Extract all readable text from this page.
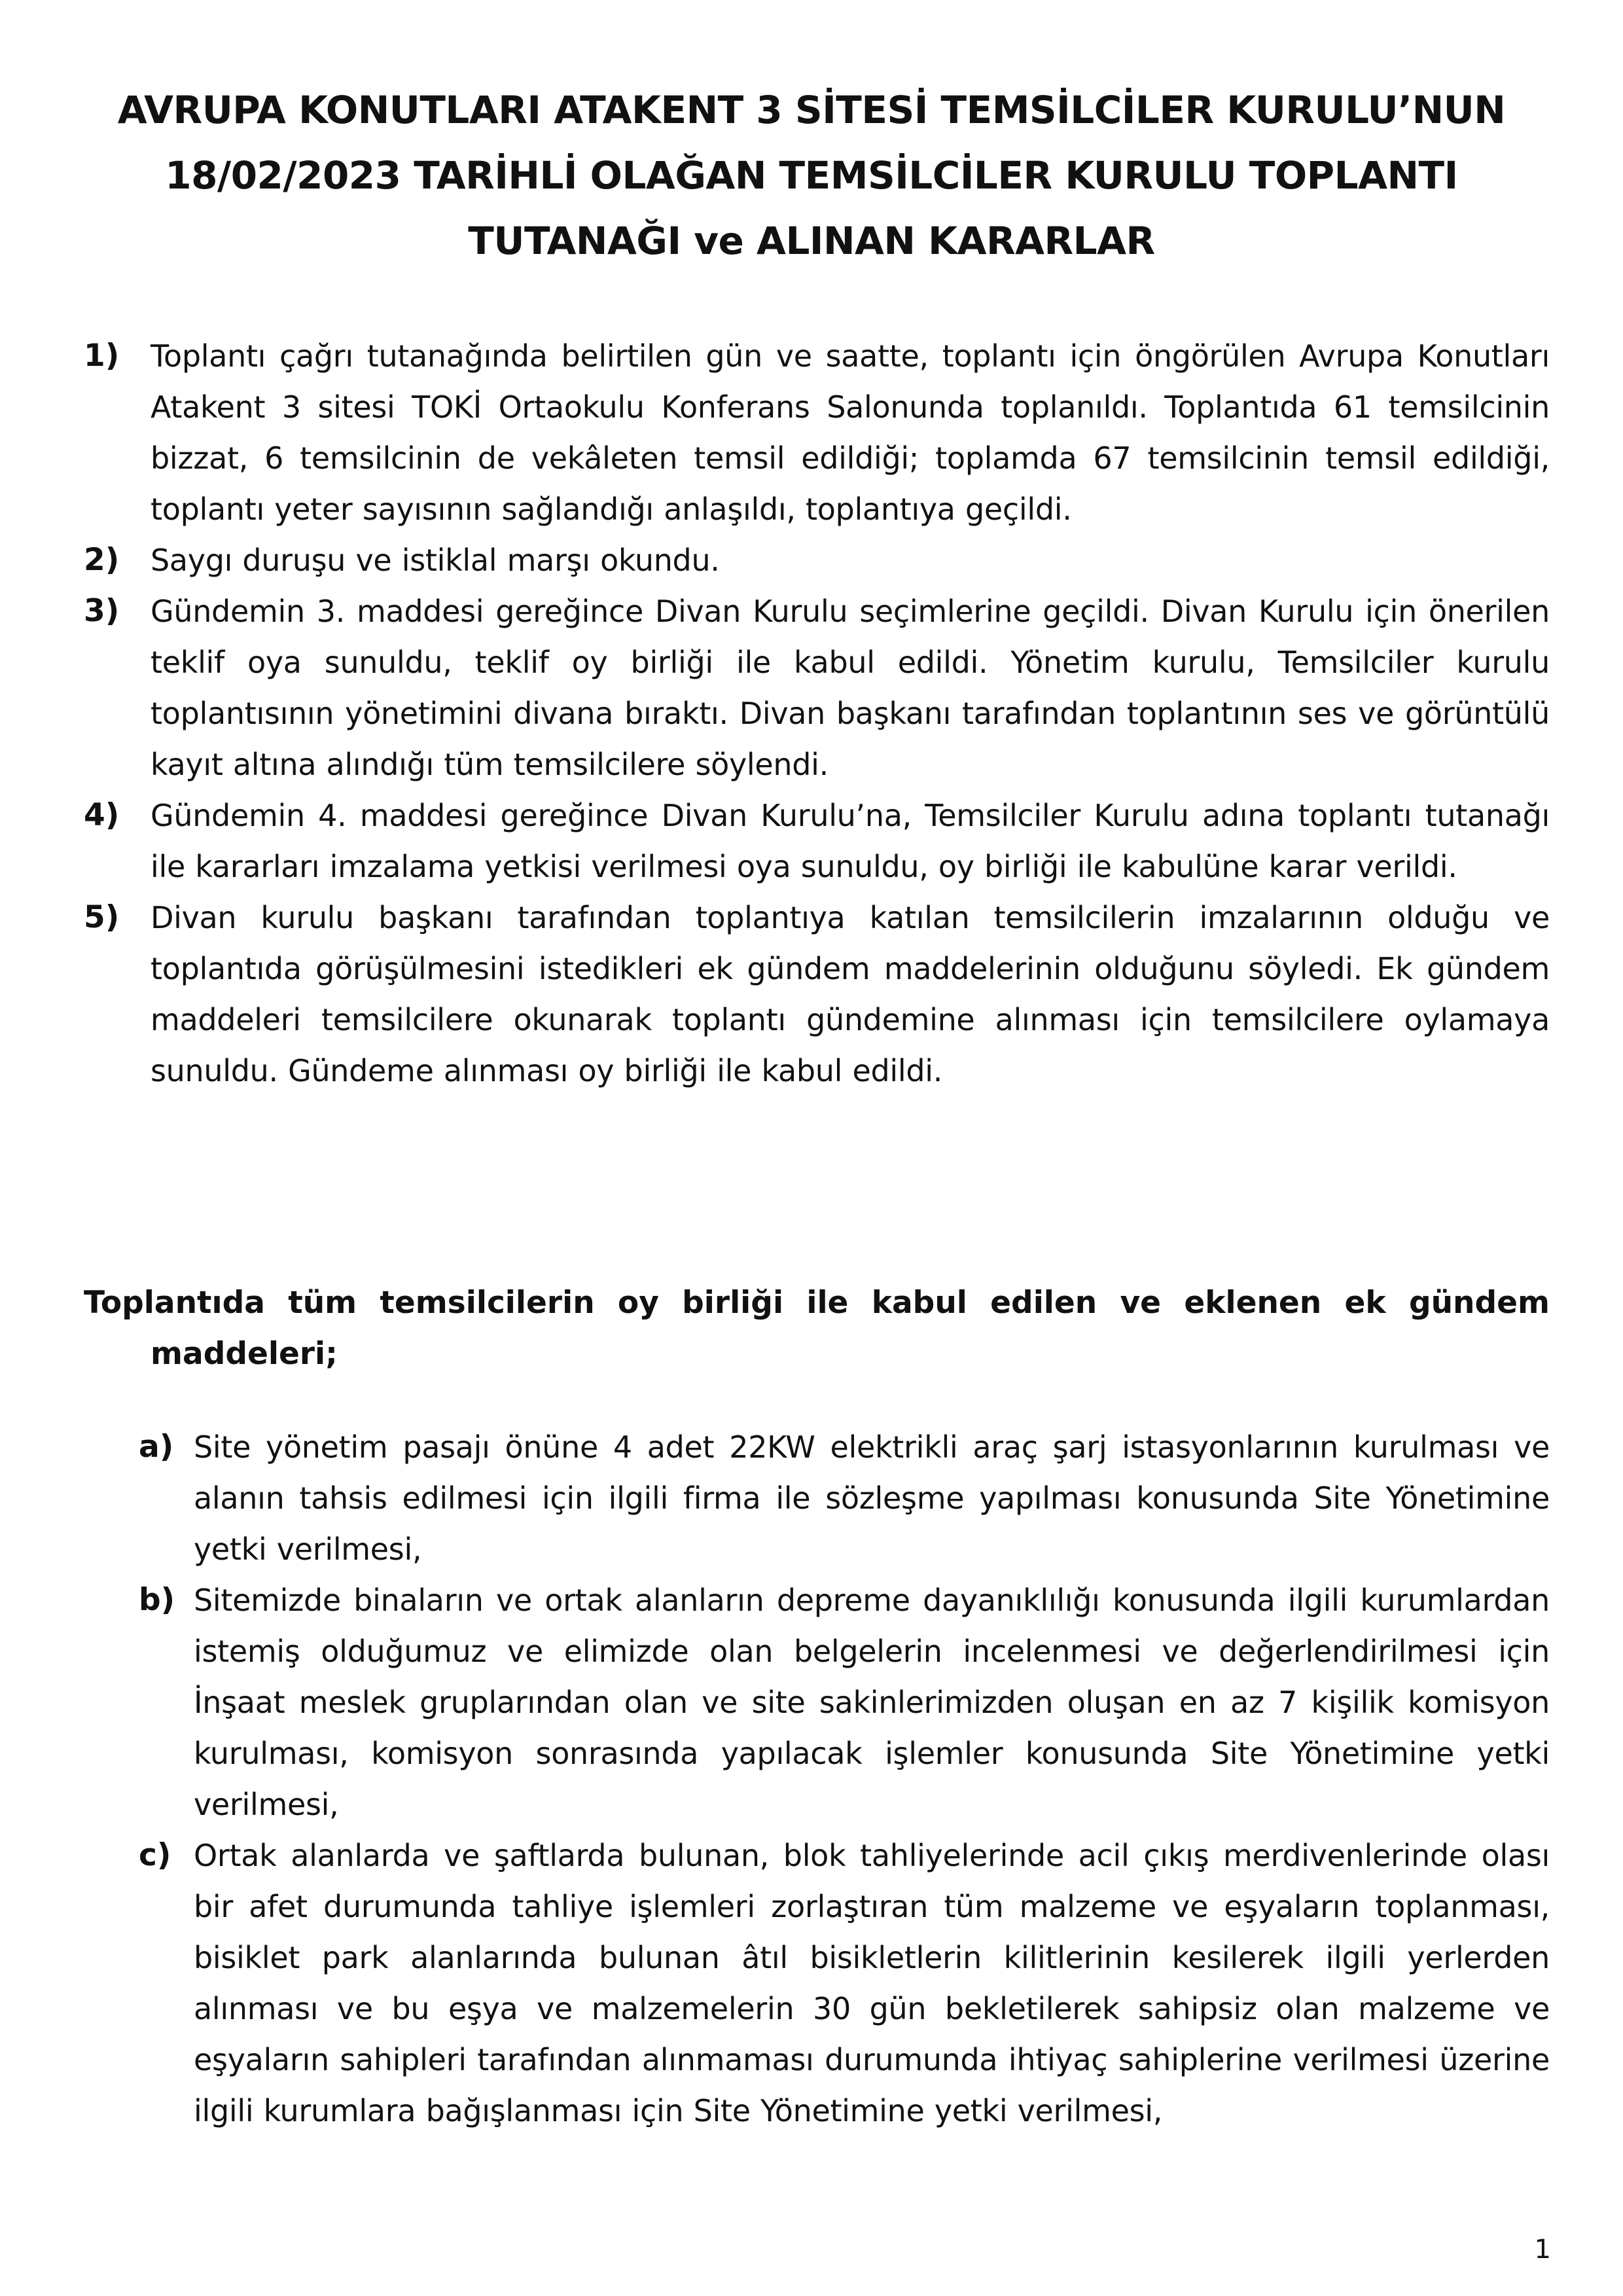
AVRUPA KONUTLARI ATAKENT 3 SİTESİ TEMSİLCİLER KURULU’NUN
18/02/2023 TARİHLİ OLAĞAN TEMSİLCİLER KURULU TOPLANTI
TUTANAĞI ve ALINAN KARARLAR
1) Toplantı çağrı tutanağında belirtilen gün ve saatte, toplantı için öngörülen Avrupa Konutları Atakent 3 sitesi TOKİ Ortaokulu Konferans Salonunda toplanıldı. Toplantıda 61 temsilcinin bizzat, 6 temsilcinin de vekâleten temsil edildiği; toplamda 67 temsilcinin temsil edildiği, toplantı yeter sayısının sağlandığı anlaşıldı, toplantıya geçildi.
2) Saygı duruşu ve istiklal marşı okundu.
3) Gündemin 3. maddesi gereğince Divan Kurulu seçimlerine geçildi. Divan Kurulu için önerilen teklif oya sunuldu, teklif oy birliği ile kabul edildi. Yönetim kurulu, Temsilciler kurulu toplantısının yönetimini divana bıraktı. Divan başkanı tarafından toplantının ses ve görüntülü kayıt altına alındığı tüm temsilcilere söylendi.
4) Gündemin 4. maddesi gereğince Divan Kurulu’na, Temsilciler Kurulu adına toplantı tutanağı ile kararları imzalama yetkisi verilmesi oya sunuldu, oy birliği ile kabulüne karar verildi.
5) Divan kurulu başkanı tarafından toplantıya katılan temsilcilerin imzalarının olduğu ve toplantıda görüşülmesini istedikleri ek gündem maddelerinin olduğunu söyledi. Ek gündem maddeleri temsilcilere okunarak toplantı gündemine alınması için temsilcilere oylamaya sunuldu. Gündeme alınması oy birliği ile kabul edildi.
Toplantıda tüm temsilcilerin oy birliği ile kabul edilen ve eklenen ek gündem
maddeleri;
a) Site yönetim pasajı önüne 4 adet 22KW elektrikli araç şarj istasyonlarının kurulması ve alanın tahsis edilmesi için ilgili firma ile sözleşme yapılması konusunda Site Yönetimine yetki verilmesi,
b) Sitemizde binaların ve ortak alanların depreme dayanıklılığı konusunda ilgili kurumlardan istemiş olduğumuz ve elimizde olan belgelerin incelenmesi ve değerlendirilmesi için İnşaat meslek gruplarından olan ve site sakinlerimizden oluşan en az 7 kişilik komisyon kurulması, komisyon sonrasında yapılacak işlemler konusunda Site Yönetimine yetki verilmesi,
c) Ortak alanlarda ve şaftlarda bulunan, blok tahliyelerinde acil çıkış merdivenlerinde olası bir afet durumunda tahliye işlemleri zorlaştıran tüm malzeme ve eşyaların toplanması, bisiklet park alanlarında bulunan âtıl bisikletlerin kilitlerinin kesilerek ilgili yerlerden alınması ve bu eşya ve malzemelerin 30 gün bekletilerek sahipsiz olan malzeme ve eşyaların sahipleri tarafından alınmaması durumunda ihtiyaç sahiplerine verilmesi üzerine ilgili kurumlara bağışlanması için Site Yönetimine yetki verilmesi,
1
